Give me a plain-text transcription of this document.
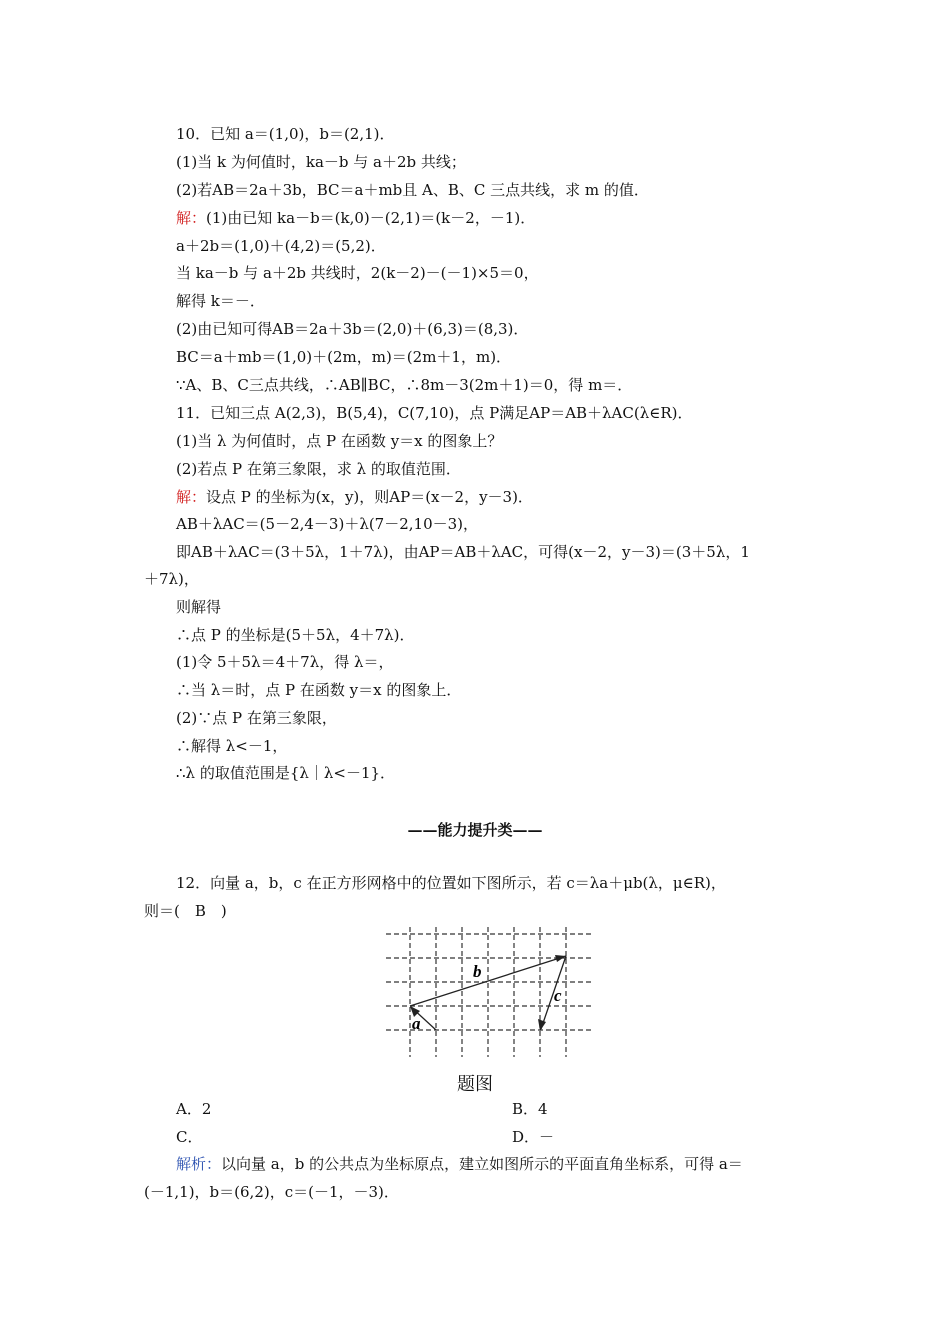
10．已知 a＝(1,0)，b＝(2,1)．
(1)当 k 为何值时，ka－b 与 a＋2b 共线；
(2)若AB＝2a＋3b，BC＝a＋mb且 A、B、C 三点共线，求 m 的值．
解：(1)由已知 ka－b＝(k,0)－(2,1)＝(k－2，－1)．
a＋2b＝(1,0)＋(4,2)＝(5,2)．
当 ka－b 与 a＋2b 共线时，2(k－2)－(－1)×5＝0，
解得 k＝－．
(2)由已知可得AB＝2a＋3b＝(2,0)＋(6,3)＝(8,3)．
BC＝a＋mb＝(1,0)＋(2m，m)＝(2m＋1，m)．
∵A、B、C三点共线，∴AB∥BC，∴8m－3(2m＋1)＝0，得 m＝．
11．已知三点 A(2,3)，B(5,4)，C(7,10)，点 P满足AP＝AB＋λAC(λ∈R)．
(1)当 λ 为何值时，点 P 在函数 y＝x 的图象上？
(2)若点 P 在第三象限，求 λ 的取值范围．
解：设点 P 的坐标为(x，y)，则AP＝(x－2，y－3)．
AB＋λAC＝(5－2,4－3)＋λ(7－2,10－3)，
即AB＋λAC＝(3＋5λ，1＋7λ)，由AP＝AB＋λAC，可得(x－2，y－3)＝(3＋5λ，1
＋7λ)，
则解得
∴点 P 的坐标是(5＋5λ，4＋7λ)．
(1)令 5＋5λ＝4＋7λ，得 λ＝，
∴当 λ＝时，点 P 在函数 y＝x 的图象上．
(2)∵点 P 在第三象限，
∴解得 λ<－1，
∴λ 的取值范围是{λ｜λ<－1}．
——能力提升类——
12．向量 a，b，c 在正方形网格中的位置如下图所示，若 c＝λa＋μb(λ，μ∈R)，
则＝(　B　)
b
a
c
题图
A．2	B．4
C．	D．－
解析：以向量 a，b 的公共点为坐标原点，建立如图所示的平面直角坐标系，可得 a＝
(－1,1)，b＝(6,2)，c＝(－1，－3)．
